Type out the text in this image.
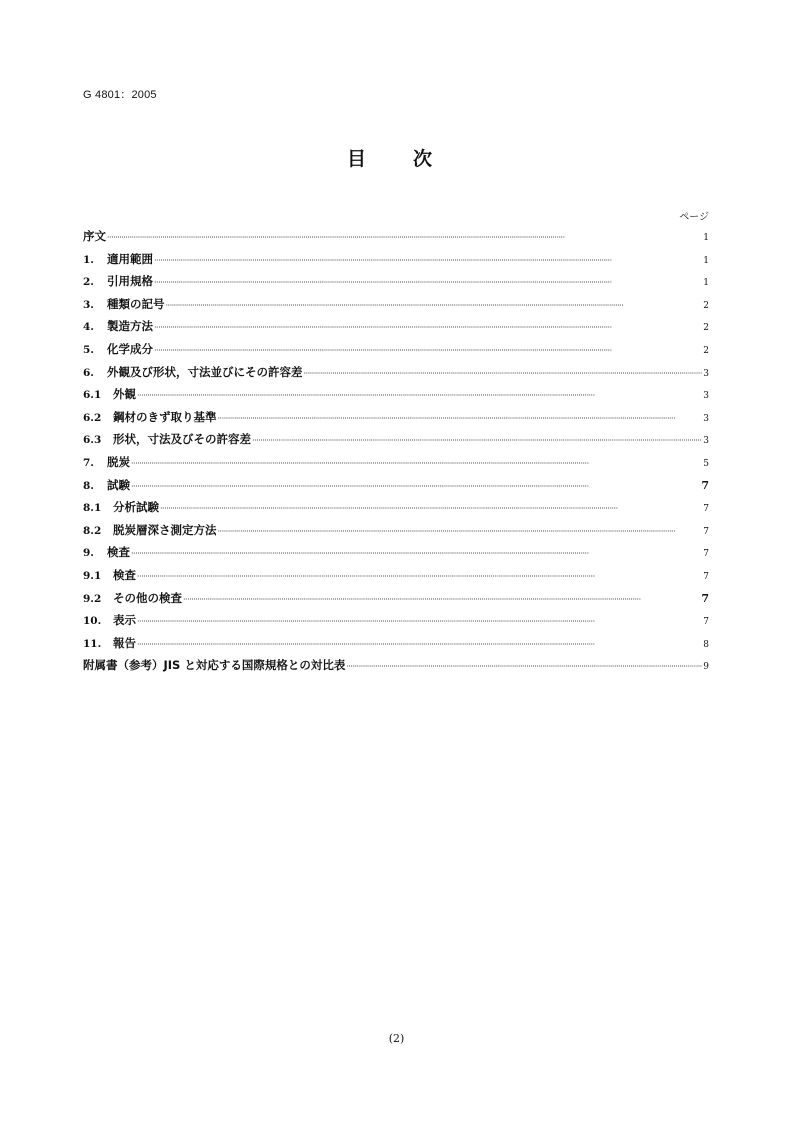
G 4801：2005
目　次
ページ
序文 ·····	1
1.	適用範囲 ·····	1
2.	引用規格 ·····	1
3.	種類の記号 ·····	2
4.	製造方法 ·····	2
5.	化学成分 ·····	2
6.	外観及び形状，寸法並びにその許容差 ·····	3
6.1	外観 ·····	3
6.2	鋼材のきず取り基準 ·····	3
6.3	形状，寸法及びその許容差 ·····	3
7.	脱炭 ·····	5
8.	試験 ·····	7
8.1	分析試験 ·····	7
8.2	脱炭層深さ測定方法 ·····	7
9.	検査 ·····	7
9.1	検査 ·····	7
9.2	その他の検査 ·····	7
10.	表示 ·····	7
11.	報告 ·····	8
附属書（参考）JIS と対応する国際規格との対比表 ·····	9
(2)
